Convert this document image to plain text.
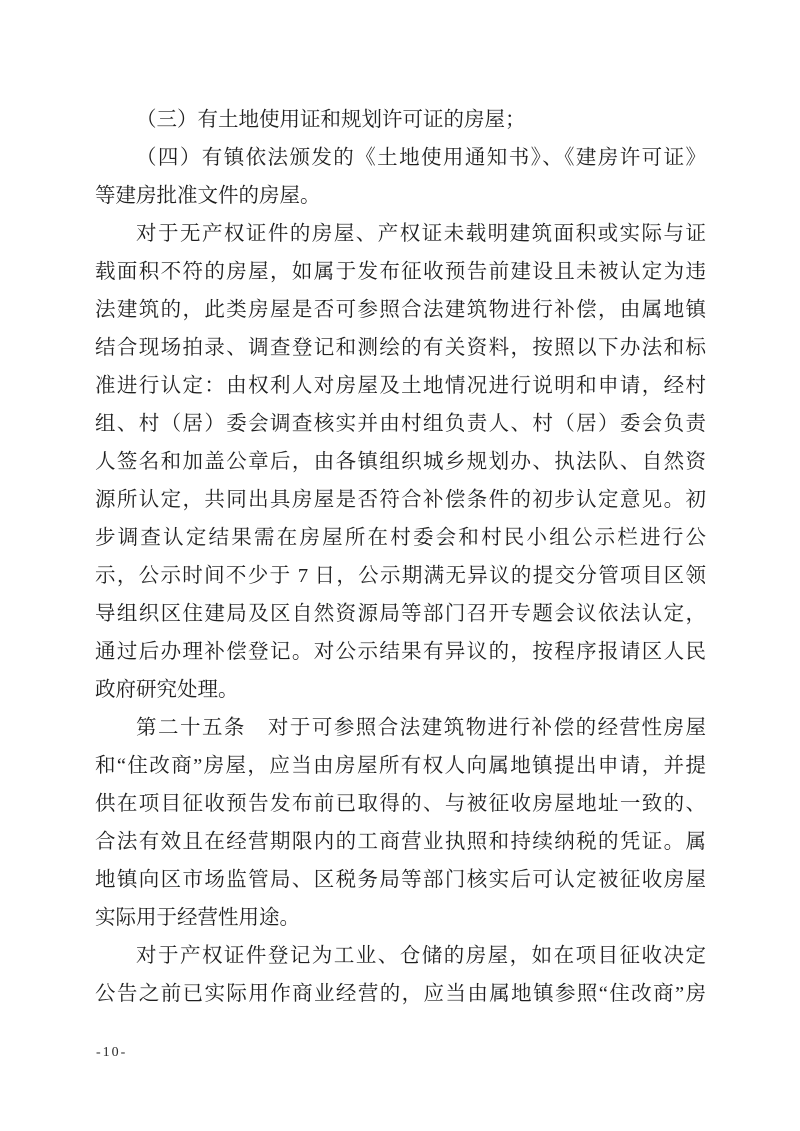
（三）有土地使用证和规划许可证的房屋；
（四）有镇依法颁发的《土地使用通知书》、《建房许可证》
等建房批准文件的房屋。
对于无产权证件的房屋、产权证未载明建筑面积或实际与证
载面积不符的房屋，如属于发布征收预告前建设且未被认定为违
法建筑的，此类房屋是否可参照合法建筑物进行补偿，由属地镇
结合现场拍录、调查登记和测绘的有关资料，按照以下办法和标
准进行认定：由权利人对房屋及土地情况进行说明和申请，经村
组、村（居）委会调查核实并由村组负责人、村（居）委会负责
人签名和加盖公章后，由各镇组织城乡规划办、执法队、自然资
源所认定，共同出具房屋是否符合补偿条件的初步认定意见。初
步调查认定结果需在房屋所在村委会和村民小组公示栏进行公
示，公示时间不少于 7 日，公示期满无异议的提交分管项目区领
导组织区住建局及区自然资源局等部门召开专题会议依法认定，
通过后办理补偿登记。对公示结果有异议的，按程序报请区人民
政府研究处理。
第二十五条　对于可参照合法建筑物进行补偿的经营性房屋
和“住改商”房屋，应当由房屋所有权人向属地镇提出申请，并提
供在项目征收预告发布前已取得的、与被征收房屋地址一致的、
合法有效且在经营期限内的工商营业执照和持续纳税的凭证。属
地镇向区市场监管局、区税务局等部门核实后可认定被征收房屋
实际用于经营性用途。
对于产权证件登记为工业、仓储的房屋，如在项目征收决定
公告之前已实际用作商业经营的，应当由属地镇参照“住改商”房
-10-
